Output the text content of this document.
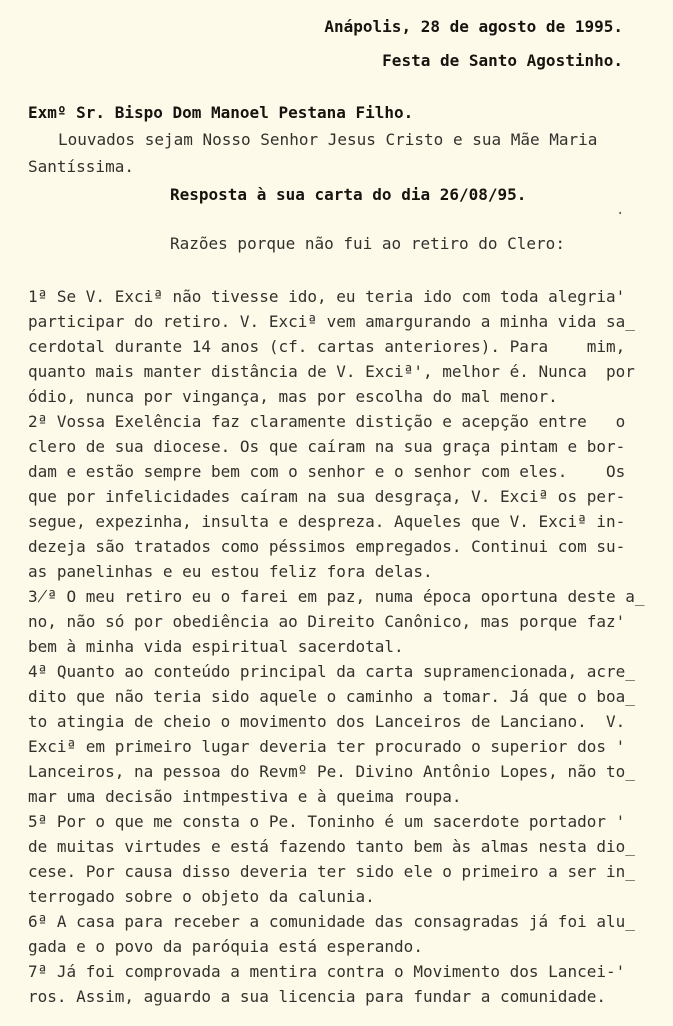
Anápolis, 28 de agosto de 1995.
Festa de Santo Agostinho.
Exmº Sr. Bispo Dom Manoel Pestana Filho.
Louvados sejam Nosso Senhor Jesus Cristo e sua Mãe Maria
Santíssima.
Resposta à sua carta do dia 26/08/95.
Razões porque não fui ao retiro do Clero:
1ª Se V. Exciª não tivesse ido, eu teria ido com toda alegria'
participar do retiro. V. Exciª vem amargurando a minha vida sa̲
cerdotal durante 14 anos (cf. cartas anteriores). Para    mim,
quanto mais manter distância de V. Exciª', melhor é. Nunca  por
ódio, nunca por vingança, mas por escolha do mal menor.
2ª Vossa Exelência faz claramente distição e acepção entre   o
clero de sua diocese. Os que caíram na sua graça pintam e bor-
dam e estão sempre bem com o senhor e o senhor com eles.    Os
que por infelicidades caíram na sua desgraça, V. Exciª os per-
segue, expezinha, insulta e despreza. Aqueles que V. Exciª in-
dezeja são tratados como péssimos empregados. Continui com su-
as panelinhas e eu estou feliz fora delas.
3̸ª O meu retiro eu o farei em paz, numa época oportuna deste a̲
no, não só por obediência ao Direito Canônico, mas porque faz'
bem à minha vida espiritual sacerdotal.
4ª Quanto ao conteúdo principal da carta supramencionada, acre̲
dito que não teria sido aquele o caminho a tomar. Já que o boa̲
to atingia de cheio o movimento dos Lanceiros de Lanciano.  V.
Exciª em primeiro lugar deveria ter procurado o superior dos '
Lanceiros, na pessoa do Revmº Pe. Divino Antônio Lopes, não to̲
mar uma decisão intmpestiva e à queima roupa.
5ª Por o que me consta o Pe. Toninho é um sacerdote portador '
de muitas virtudes e está fazendo tanto bem às almas nesta dio̲
cese. Por causa disso deveria ter sido ele o primeiro a ser in̲
terrogado sobre o objeto da calunia.
6ª A casa para receber a comunidade das consagradas já foi alu̲
gada e o povo da paróquia está esperando.
7ª Já foi comprovada a mentira contra o Movimento dos Lancei-'
ros. Assim, aguardo a sua licencia para fundar a comunidade.
·
